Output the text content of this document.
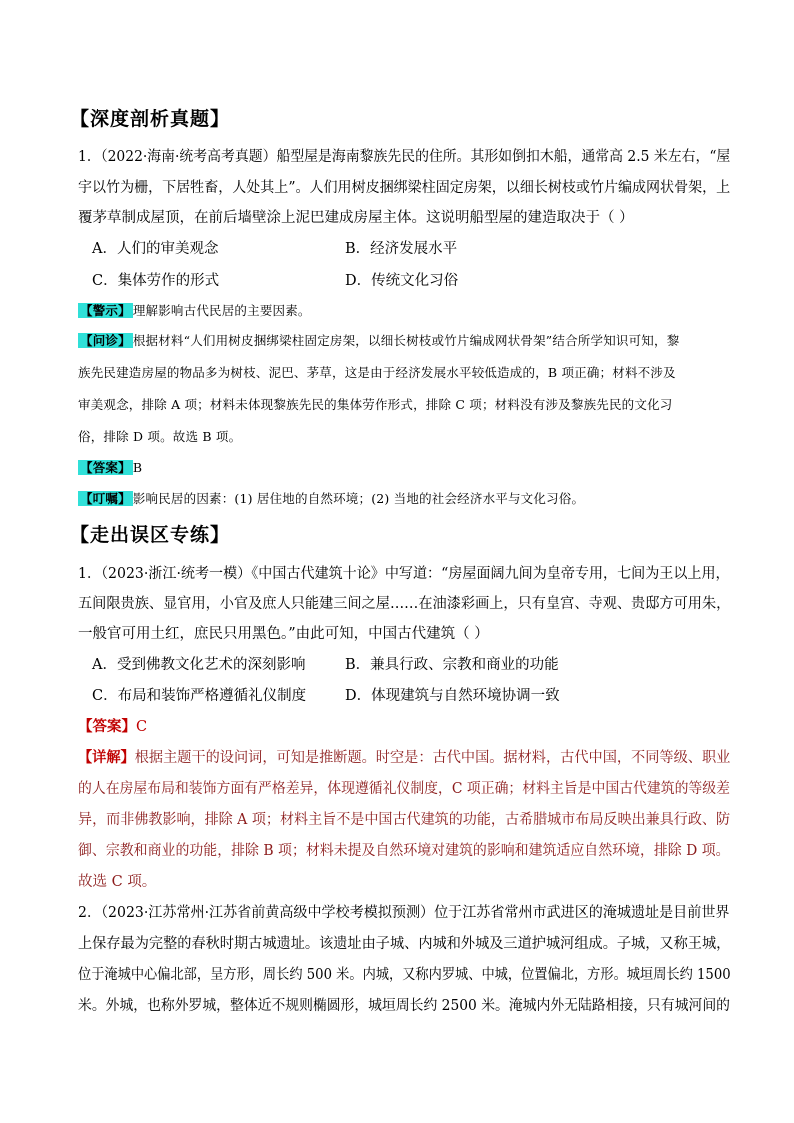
【深度剖析真题】
1．（2022·海南·统考高考真题）船型屋是海南黎族先民的住所。其形如倒扣木船，通常高 2.5 米左右，“屋
宇以竹为栅，下居牲畜，人处其上”。人们用树皮捆绑梁柱固定房架，以细长树枝或竹片编成网状骨架，上
覆茅草制成屋顶，在前后墙壁涂上泥巴建成房屋主体。这说明船型屋的建造取决于（ ）
A．人们的审美观念	B．经济发展水平
C．集体劳作的形式	D．传统文化习俗
【警示】 理解影响古代民居的主要因素。
【问诊】 根据材料“人们用树皮捆绑梁柱固定房架，以细长树枝或竹片编成网状骨架”结合所学知识可知，黎
族先民建造房屋的物品多为树枝、泥巴、茅草，这是由于经济发展水平较低造成的，B 项正确；材料不涉及
审美观念，排除 A 项；材料未体现黎族先民的集体劳作形式，排除 C 项；材料没有涉及黎族先民的文化习
俗，排除 D 项。故选 B 项。
【答案】 B
【叮嘱】 影响民居的因素：(1) 居住地的自然环境；(2) 当地的社会经济水平与文化习俗。
【走出误区专练】
1．（2023·浙江·统考一模）《中国古代建筑十论》中写道：“房屋面阔九间为皇帝专用，七间为王以上用，
五间限贵族、显官用，小官及庶人只能建三间之屋……在油漆彩画上，只有皇宫、寺观、贵邸方可用朱，
一般官可用土红，庶民只用黑色。”由此可知，中国古代建筑（ ）
A．受到佛教文化艺术的深刻影响	B．兼具行政、宗教和商业的功能
C．布局和装饰严格遵循礼仪制度	D．体现建筑与自然环境协调一致
【答案】C
【详解】根据主题干的设问词，可知是推断题。时空是：古代中国。据材料，古代中国，不同等级、职业
的人在房屋布局和装饰方面有严格差异，体现遵循礼仪制度，C 项正确；材料主旨是中国古代建筑的等级差
异，而非佛教影响，排除 A 项；材料主旨不是中国古代建筑的功能，古希腊城市布局反映出兼具行政、防
御、宗教和商业的功能，排除 B 项；材料未提及自然环境对建筑的影响和建筑适应自然环境，排除 D 项。
故选 C 项。
2．（2023·江苏常州·江苏省前黄高级中学校考模拟预测）位于江苏省常州市武进区的淹城遗址是目前世界
上保存最为完整的春秋时期古城遗址。该遗址由子城、内城和外城及三道护城河组成。子城，又称王城，
位于淹城中心偏北部，呈方形，周长约 500 米。内城，又称内罗城、中城，位置偏北，方形。城垣周长约 1500
米。外城，也称外罗城，整体近不规则椭圆形，城垣周长约 2500 米。淹城内外无陆路相接，只有城河间的
